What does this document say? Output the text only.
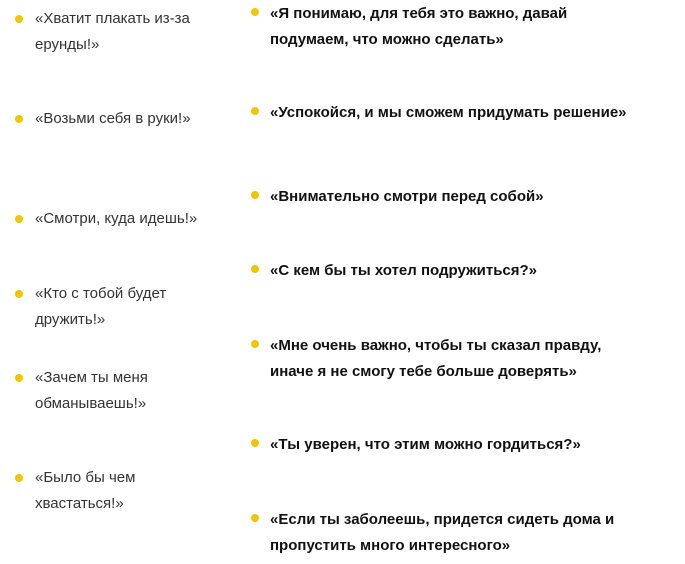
«Хватит плакать из-за ерунды!»
«Возьми себя в руки!»
«Смотри, куда идешь!»
«Кто с тобой будет дружить!»
«Зачем ты меня обманываешь!»
«Было бы чем хвастаться!»
«Я понимаю, для тебя это важно, давай подумаем, что можно сделать»
«Успокойся, и мы сможем придумать решение»
«Внимательно смотри перед собой»
«С кем бы ты хотел подружиться?»
«Мне очень важно, чтобы ты сказал правду, иначе я не смогу тебе больше доверять»
«Ты уверен, что этим можно гордиться?»
«Если ты заболеешь, придется сидеть дома и пропустить много интересного»
